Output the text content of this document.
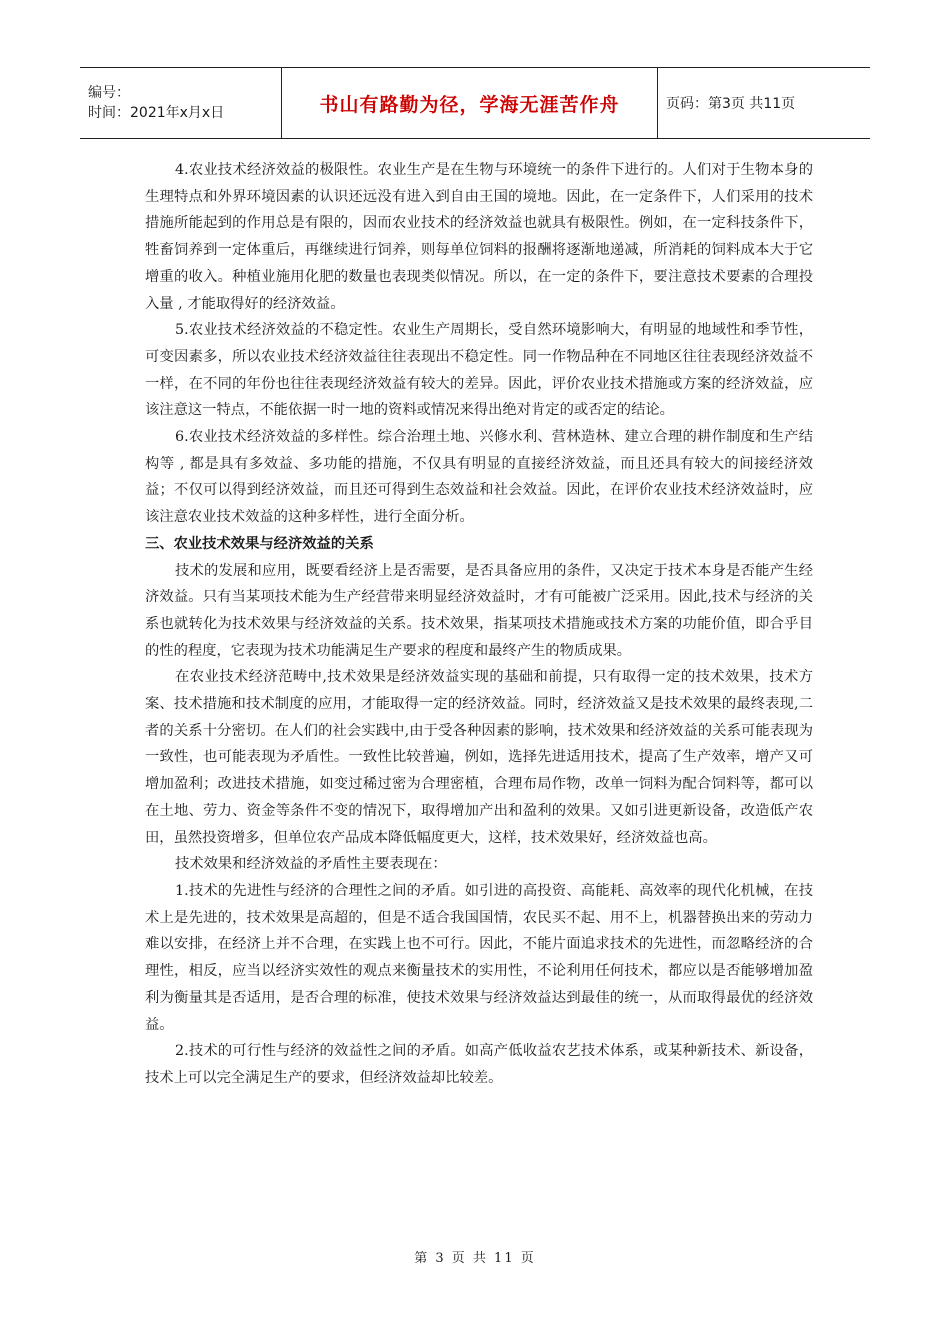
编号：
时间：2021年x月x日	书山有路勤为径，学海无涯苦作舟	页码：第3页 共11页

4.农业技术经济效益的极限性。农业生产是在生物与环境统一的条件下进行的。人们对于生物本身的生理特点和外界环境因素的认识还远没有进入到自由王国的境地。因此，在一定条件下，人们采用的技术措施所能起到的作用总是有限的，因而农业技术的经济效益也就具有极限性。例如，在一定科技条件下，牲畜饲养到一定体重后，再继续进行饲养，则每单位饲料的报酬将逐渐地递减，所消耗的饲料成本大于它增重的收入。种植业施用化肥的数量也表现类似情况。所以，在一定的条件下，要注意技术要素的合理投入量 , 才能取得好的经济效益。

5.农业技术经济效益的不稳定性。农业生产周期长，受自然环境影响大，有明显的地域性和季节性，可变因素多，所以农业技术经济效益往往表现出不稳定性。同一作物品种在不同地区往往表现经济效益不一样，在不同的年份也往往表现经济效益有较大的差异。因此，评价农业技术措施或方案的经济效益，应该注意这一特点，不能依据一时一地的资料或情况来得出绝对肯定的或否定的结论。

6.农业技术经济效益的多样性。综合治理土地、兴修水利、营林造林、建立合理的耕作制度和生产结构等 , 都是具有多效益、多功能的措施，不仅具有明显的直接经济效益，而且还具有较大的间接经济效益；不仅可以得到经济效益，而且还可得到生态效益和社会效益。因此，在评价农业技术经济效益时，应该注意农业技术效益的这种多样性，进行全面分析。

三、农业技术效果与经济效益的关系

技术的发展和应用，既要看经济上是否需要，是否具备应用的条件，又决定于技术本身是否能产生经济效益。只有当某项技术能为生产经营带来明显经济效益时，才有可能被广泛采用。因此,技术与经济的关系也就转化为技术效果与经济效益的关系。技术效果，指某项技术措施或技术方案的功能价值，即合乎目的性的程度，它表现为技术功能满足生产要求的程度和最终产生的物质成果。

在农业技术经济范畴中,技术效果是经济效益实现的基础和前提，只有取得一定的技术效果，技术方案、技术措施和技术制度的应用，才能取得一定的经济效益。同时，经济效益又是技术效果的最终表现,二者的关系十分密切。在人们的社会实践中,由于受各种因素的影响，技术效果和经济效益的关系可能表现为一致性，也可能表现为矛盾性。一致性比较普遍，例如，选择先进适用技术，提高了生产效率，增产又可增加盈利；改进技术措施，如变过稀过密为合理密植，合理布局作物，改单一饲料为配合饲料等，都可以在土地、劳力、资金等条件不变的情况下，取得增加产出和盈利的效果。又如引进更新设备，改造低产农田，虽然投资增多，但单位农产品成本降低幅度更大，这样，技术效果好，经济效益也高。

技术效果和经济效益的矛盾性主要表现在：

1.技术的先进性与经济的合理性之间的矛盾。如引进的高投资、高能耗、高效率的现代化机械，在技术上是先进的，技术效果是高超的，但是不适合我国国情，农民买不起、用不上，机器替换出来的劳动力难以安排，在经济上并不合理，在实践上也不可行。因此，不能片面追求技术的先进性，而忽略经济的合理性，相反，应当以经济实效性的观点来衡量技术的实用性，不论利用任何技术，都应以是否能够增加盈利为衡量其是否适用，是否合理的标准，使技术效果与经济效益达到最佳的统一，从而取得最优的经济效益。

2.技术的可行性与经济的效益性之间的矛盾。如高产低收益农艺技术体系，或某种新技术、新设备，技术上可以完全满足生产的要求，但经济效益却比较差。

第 3 页 共 11 页
